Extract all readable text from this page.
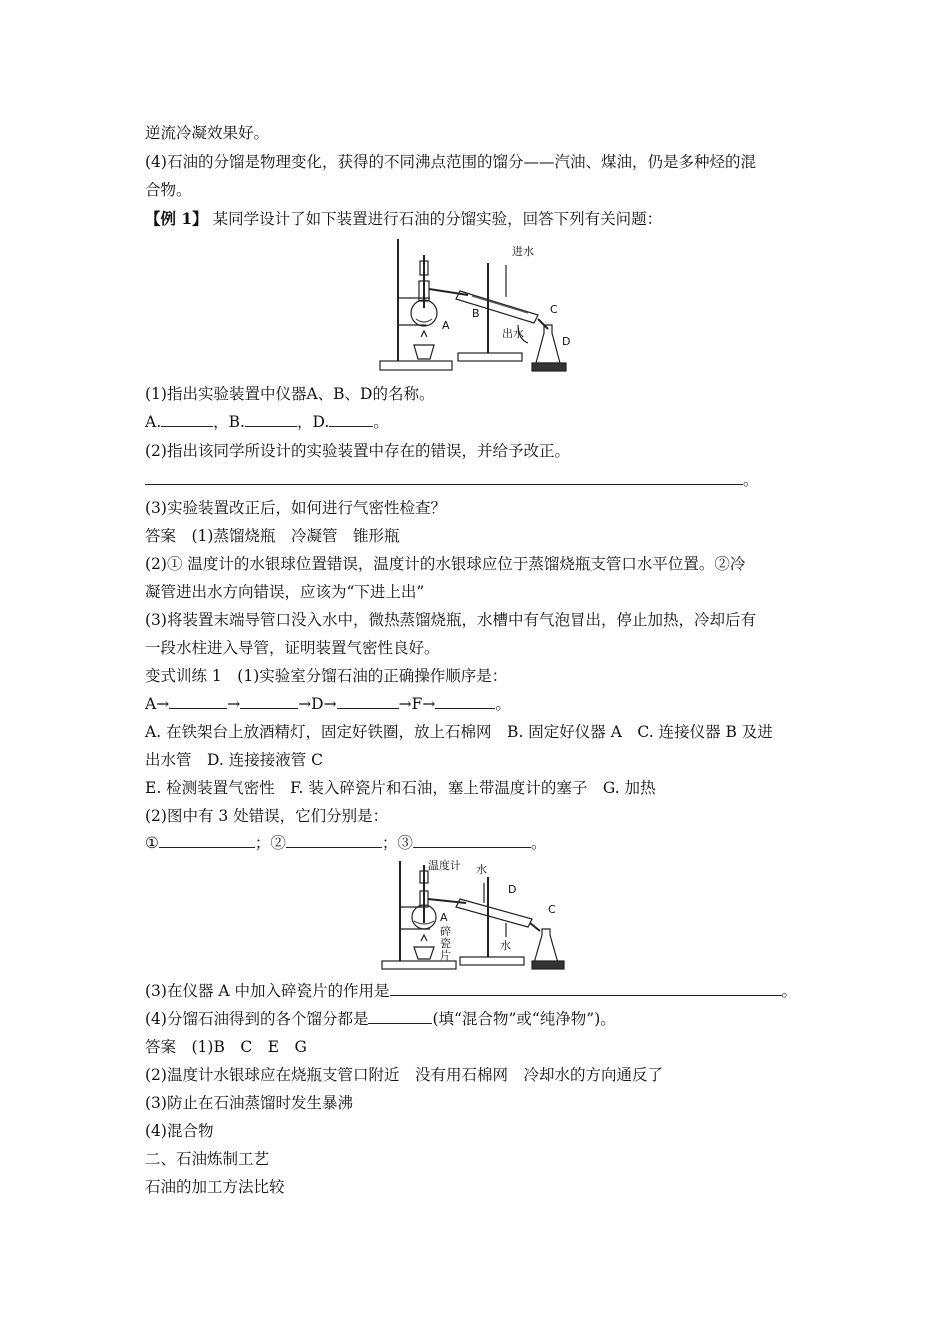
逆流冷凝效果好。
(4)石油的分馏是物理变化，获得的不同沸点范围的馏分——汽油、煤油，仍是多种烃的混
合物。
【例 1】 某同学设计了如下装置进行石油的分馏实验，回答下列有关问题：
进水
出水
A
B	C
D
(1)指出实验装置中仪器A、B、D的名称。
A.	，B.	，D.	。
(2)指出该同学所设计的实验装置中存在的错误，并给予改正。
。
(3)实验装置改正后，如何进行气密性检查？
答案　(1)蒸馏烧瓶　冷凝管　锥形瓶
(2)① 温度计的水银球位置错误，温度计的水银球应位于蒸馏烧瓶支管口水平位置。②冷
凝管进出水方向错误，应该为“下进上出”
(3)将装置末端导管口没入水中，微热蒸馏烧瓶，水槽中有气泡冒出，停止加热，冷却后有
一段水柱进入导管，证明装置气密性良好。
变式训练 1　(1)实验室分馏石油的正确操作顺序是：
A→	→	→D→	→F→	。
A. 在铁架台上放酒精灯，固定好铁圈，放上石棉网　B. 固定好仪器 A　C. 连接仪器 B 及进
出水管　D. 连接接液管 C
E. 检测装置气密性　F. 装入碎瓷片和石油，塞上带温度计的塞子　G. 加热
(2)图中有 3 处错误，它们分别是：
①	；②	；③	。
温度计 水
水
D
C
A
碎
瓷
片
(3)在仪器 A 中加入碎瓷片的作用是	。
(4)分馏石油得到的各个馏分都是	(填“混合物”或“纯净物”)。
答案　(1)B　C　E　G
(2)温度计水银球应在烧瓶支管口附近　没有用石棉网　冷却水的方向通反了
(3)防止在石油蒸馏时发生暴沸
(4)混合物
二、石油炼制工艺
石油的加工方法比较
